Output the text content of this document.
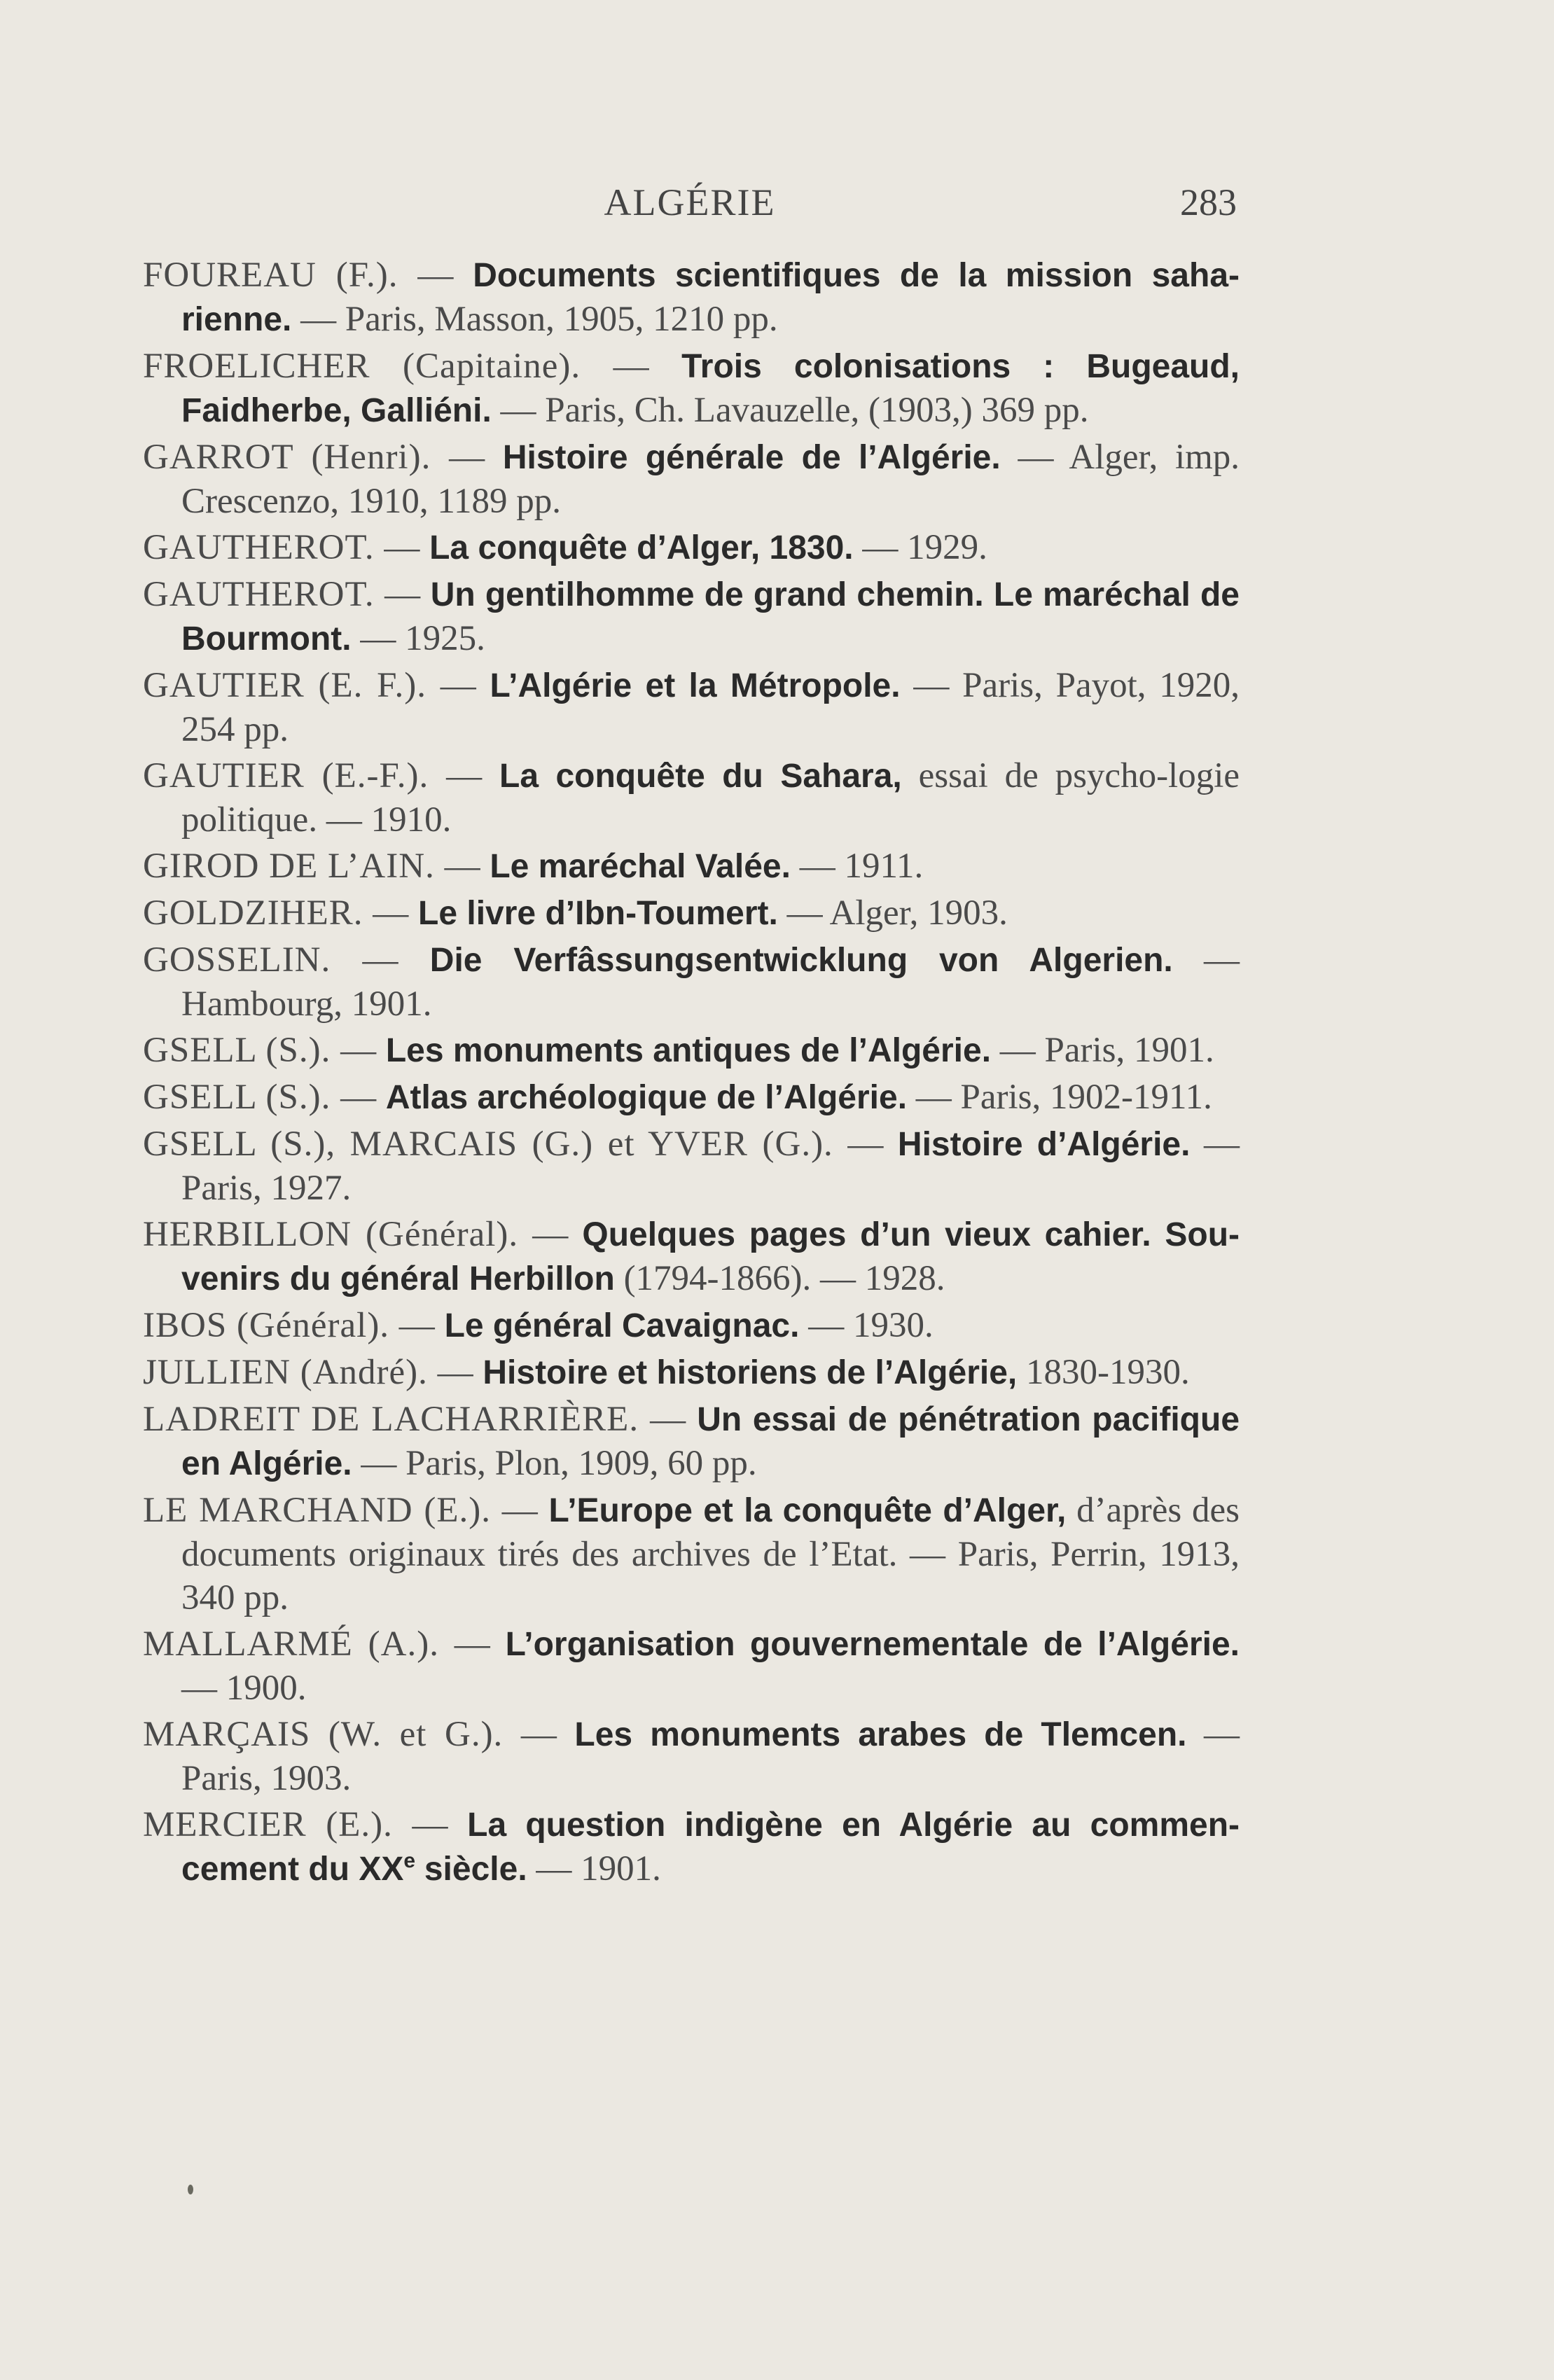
ALGÉRIE	283

FOUREAU (F.). — Documents scientifiques de la mission saha-rienne. — Paris, Masson, 1905, 1210 pp.

FROELICHER (Capitaine). — Trois colonisations : Bugeaud, Faidherbe, Galliéni. — Paris, Ch. Lavauzelle, (1903,) 369 pp.

GARROT (Henri). — Histoire générale de l’Algérie. — Alger, imp. Crescenzo, 1910, 1189 pp.

GAUTHEROT. — La conquête d’Alger, 1830. — 1929.

GAUTHEROT. — Un gentilhomme de grand chemin. Le maréchal de Bourmont. — 1925.

GAUTIER (E. F.). — L’Algérie et la Métropole. — Paris, Payot, 1920, 254 pp.

GAUTIER (E.-F.). — La conquête du Sahara, essai de psycho-logie politique. — 1910.

GIROD DE L’AIN. — Le maréchal Valée. — 1911.

GOLDZIHER. — Le livre d’Ibn-Toumert. — Alger, 1903.

GOSSELIN. — Die Verfâssungsentwicklung von Algerien. — Hambourg, 1901.

GSELL (S.). — Les monuments antiques de l’Algérie. — Paris, 1901.

GSELL (S.). — Atlas archéologique de l’Algérie. — Paris, 1902-1911.

GSELL (S.), MARCAIS (G.) et YVER (G.). — Histoire d’Algérie. — Paris, 1927.

HERBILLON (Général). — Quelques pages d’un vieux cahier. Sou-venirs du général Herbillon (1794-1866). — 1928.

IBOS (Général). — Le général Cavaignac. — 1930.

JULLIEN (André). — Histoire et historiens de l’Algérie, 1830-1930.

LADREIT DE LACHARRIÈRE. — Un essai de pénétration pacifique en Algérie. — Paris, Plon, 1909, 60 pp.

LE MARCHAND (E.). — L’Europe et la conquête d’Alger, d’après des documents originaux tirés des archives de l’Etat. — Paris, Perrin, 1913, 340 pp.

MALLARMÉ (A.). — L’organisation gouvernementale de l’Algérie. — 1900.

MARÇAIS (W. et G.). — Les monuments arabes de Tlemcen. — Paris, 1903.

MERCIER (E.). — La question indigène en Algérie au commen-cement du XXe siècle. — 1901.
